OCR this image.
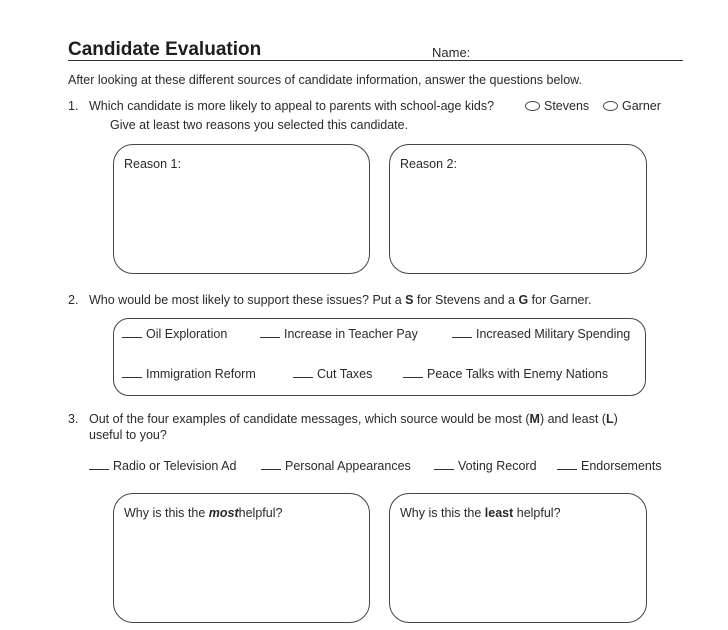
Candidate Evaluation	Name:
After looking at these different sources of candidate information, answer the questions below.
1. Which candidate is more likely to appeal to parents with school-age kids?	Stevens	Garner
Give at least two reasons you selected this candidate.
Reason 1:	Reason 2:
2. Who would be most likely to support these issues? Put a S for Stevens and a G for Garner.
Oil Exploration	Increase in Teacher Pay	Increased Military Spending
Immigration Reform	Cut Taxes	Peace Talks with Enemy Nations
3. Out of the four examples of candidate messages, which source would be most (M) and least (L)
useful to you?
Radio or Television Ad	Personal Appearances	Voting Record	Endorsements
Why is this the mosthelpful?	Why is this the least helpful?
